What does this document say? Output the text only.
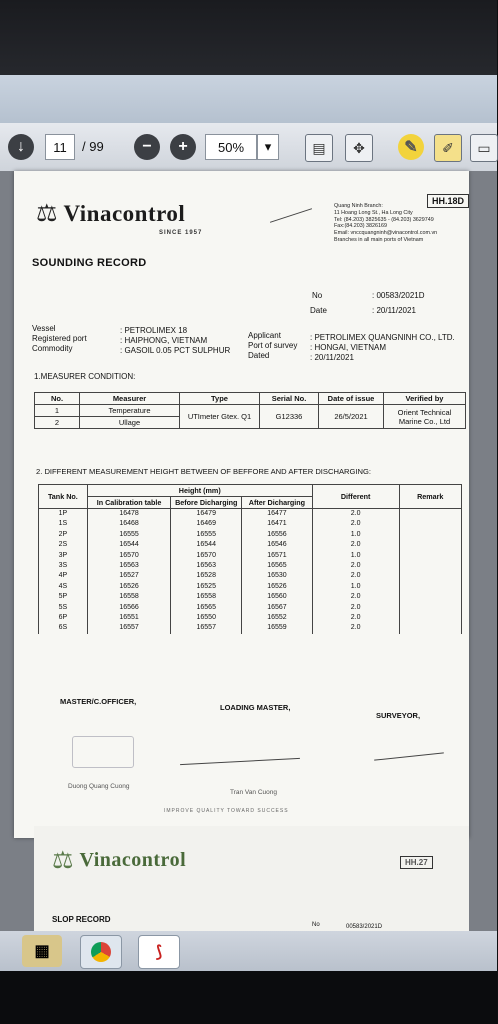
↓	11 / 99	−	+	50% ▾	▤	✥	✎	✐	▭
⚖ Vinacontrol
SINCE 1957
HH.18D
Quang Ninh Branch:
11 Hoang Long St., Ha Long City
Tel: (84.203) 3825635 - (84.203) 3629749
Fax:(84.203) 3826169
Email: vnccquangninh@vinacontrol.com.vn
Branches in all main ports of Vietnam
SOUNDING RECORD
No	: 00583/2021D
Date	: 20/11/2021
Vessel	: PETROLIMEX 18
Registered port	: HAIPHONG, VIETNAM
Commodity	: GASOIL 0.05 PCT SULPHUR
Applicant	: PETROLIMEX QUANGNINH CO., LTD.
Port of survey : HONGAI, VIETNAM
Dated	: 20/11/2021
1.MEASURER CONDITION:
No.	Measurer	Type	Serial No.	Date of issue	Verified by
1	Temperature	UTImeter Gtex. Q1	G12336	26/5/2021	Orient Technical Marine Co., Ltd
2	Ullage				
2. DIFFERENT MEASUREMENT HEIGHT BETWEEN OF BEFFORE AND AFTER DISCHARGING:
Tank No.	Height (mm)			Different	Remark
	In Calibration table	Before Dicharging	After Dicharging		
1P	16478	16479	16477	2.0	
1S	16468	16469	16471	2.0	
2P	16555	16555	16556	1.0	
2S	16544	16544	16546	2.0	
3P	16570	16570	16571	1.0	
3S	16563	16563	16565	2.0	
4P	16527	16528	16530	2.0	
4S	16526	16525	16526	1.0	
5P	16558	16558	16560	2.0	
5S	16566	16565	16567	2.0	
6P	16551	16550	16552	2.0	
6S	16557	16557	16559	2.0	
MASTER/C.OFFICER,
LOADING MASTER,
SURVEYOR,
Duong Quang Cuong
Tran Van Cuong
IMPROVE QUALITY TOWARD SUCCESS
⚖ Vinacontrol	HH.27
SLOP RECORD
No	00583/2021D
▦	⟆
